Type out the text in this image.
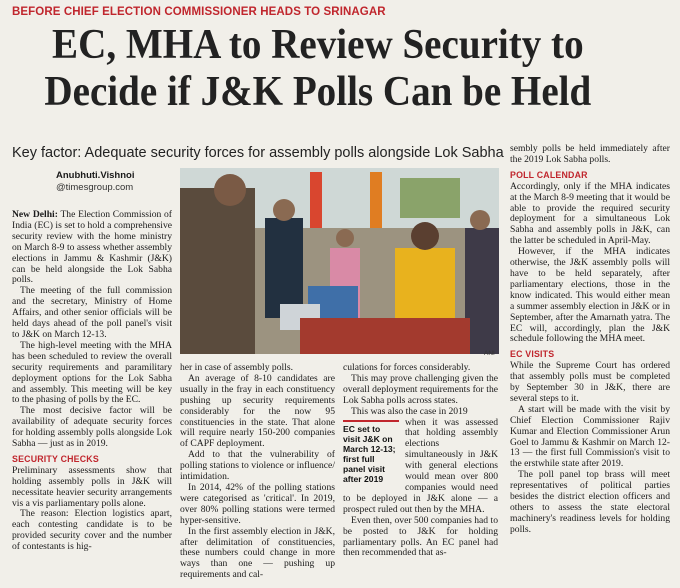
BEFORE CHIEF ELECTION COMMISSIONER HEADS TO SRINAGAR
EC, MHA to Review Security to
Decide if J&K Polls Can be Held
Key factor: Adequate security forces for assembly polls alongside Lok Sabha
Anubhuti.Vishnoi
@timesgroup.com

New Delhi: The Election Commission of India (EC) is set to hold a comprehensive security review with the home ministry on March 8-9 to assess whether assembly elections in Jammu & Kashmir (J&K) can be held alongside the Lok Sabha polls.

The meeting of the full commission and the secretary, Ministry of Home Affairs, and other senior officials will be held days ahead of the poll panel's visit to J&K on March 12-13.

The high-level meeting with the MHA has been scheduled to review the overall security requirements and paramilitary deployment options for the Lok Sabha and assembly. This meeting will be key to the phasing of polls by the EC.

The most decisive factor will be availability of adequate security forces for holding assembly polls alongside Lok Sabha — just as in 2019.

SECURITY CHECKS

Preliminary assessments show that holding assembly polls in J&K will necessitate heavier security arrangements vis a vis parliamentary polls alone.

The reason: Election logistics apart, each contesting candidate is to be provided security cover and the number of contestants is hig-

ANI

her in case of assembly polls.

An average of 8-10 candidates are usually in the fray in each constituency pushing up security requirements considerably for the now 95 constituencies in the state. That alone will require nearly 150-200 companies of CAPF deployment.

Add to that the vulnerability of polling stations to violence or influence/ intimidation.

In 2014, 42% of the polling stations were categorised as 'critical'. In 2019, over 80% polling stations were termed hyper-sensitive.

In the first assembly election in J&K, after delimitation of constituencies, these numbers could change in more ways than one — pushing up requirements and cal-

culations for forces considerably.

This may prove challenging given the overall deployment requirements for the Lok Sabha polls across states.

This was also the case in 2019

EC set to visit J&K on March 12-13; first full panel visit after 2019

when it was assessed that holding assembly elections simultaneously in J&K with general elections would mean over 800 companies would need to be deployed in J&K alone — a prospect ruled out then by the MHA.

Even then, over 500 companies had to be posted to J&K for holding parliamentary polls. An EC panel had then recommended that as-

sembly polls be held immediately after the 2019 Lok Sabha polls.

POLL CALENDAR

Accordingly, only if the MHA indicates at the March 8-9 meeting that it would be able to provide the required security deployment for a simultaneous Lok Sabha and assembly polls in J&K, can the latter be scheduled in April-May.

However, if the MHA indicates otherwise, the J&K assembly polls will have to be held separately, after parliamentary elections, those in the know indicated. This would either mean a summer assembly election in J&K or in September, after the Amarnath yatra. The EC will, accordingly, plan the J&K schedule following the MHA meet.

EC VISITS

While the Supreme Court has ordered that assembly polls must be completed by September 30 in J&K, there are several steps to it.

A start will be made with the visit by Chief Election Commissioner Rajiv Kumar and Election Commissioner Arun Goel to Jammu & Kashmir on March 12-13 — the first full Commission's visit to the erstwhile state after 2019.

The poll panel top brass will meet representatives of political parties besides the district election officers and others to assess the state electoral machinery's readiness levels for holding polls.
